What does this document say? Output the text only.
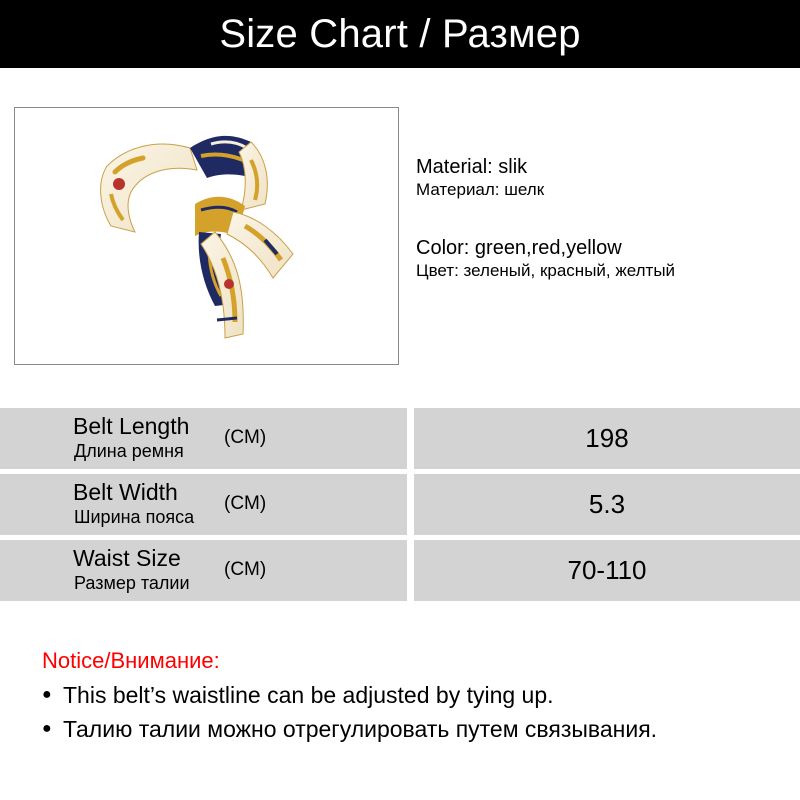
Size Chart / Размер
Material: slik
Материал: шелк
Color: green,red,yellow
Цвет: зеленый, красный, желтый
Belt Length
Длина ремня
(CM)	198
Belt Width
Ширина пояса
(CM)	5.3
Waist Size
Размер талии
(CM)	70-110
Notice/Внимание:
● This belt’s waistline can be adjusted by tying up.
● Талию талии можно отрегулировать путем связывания.
